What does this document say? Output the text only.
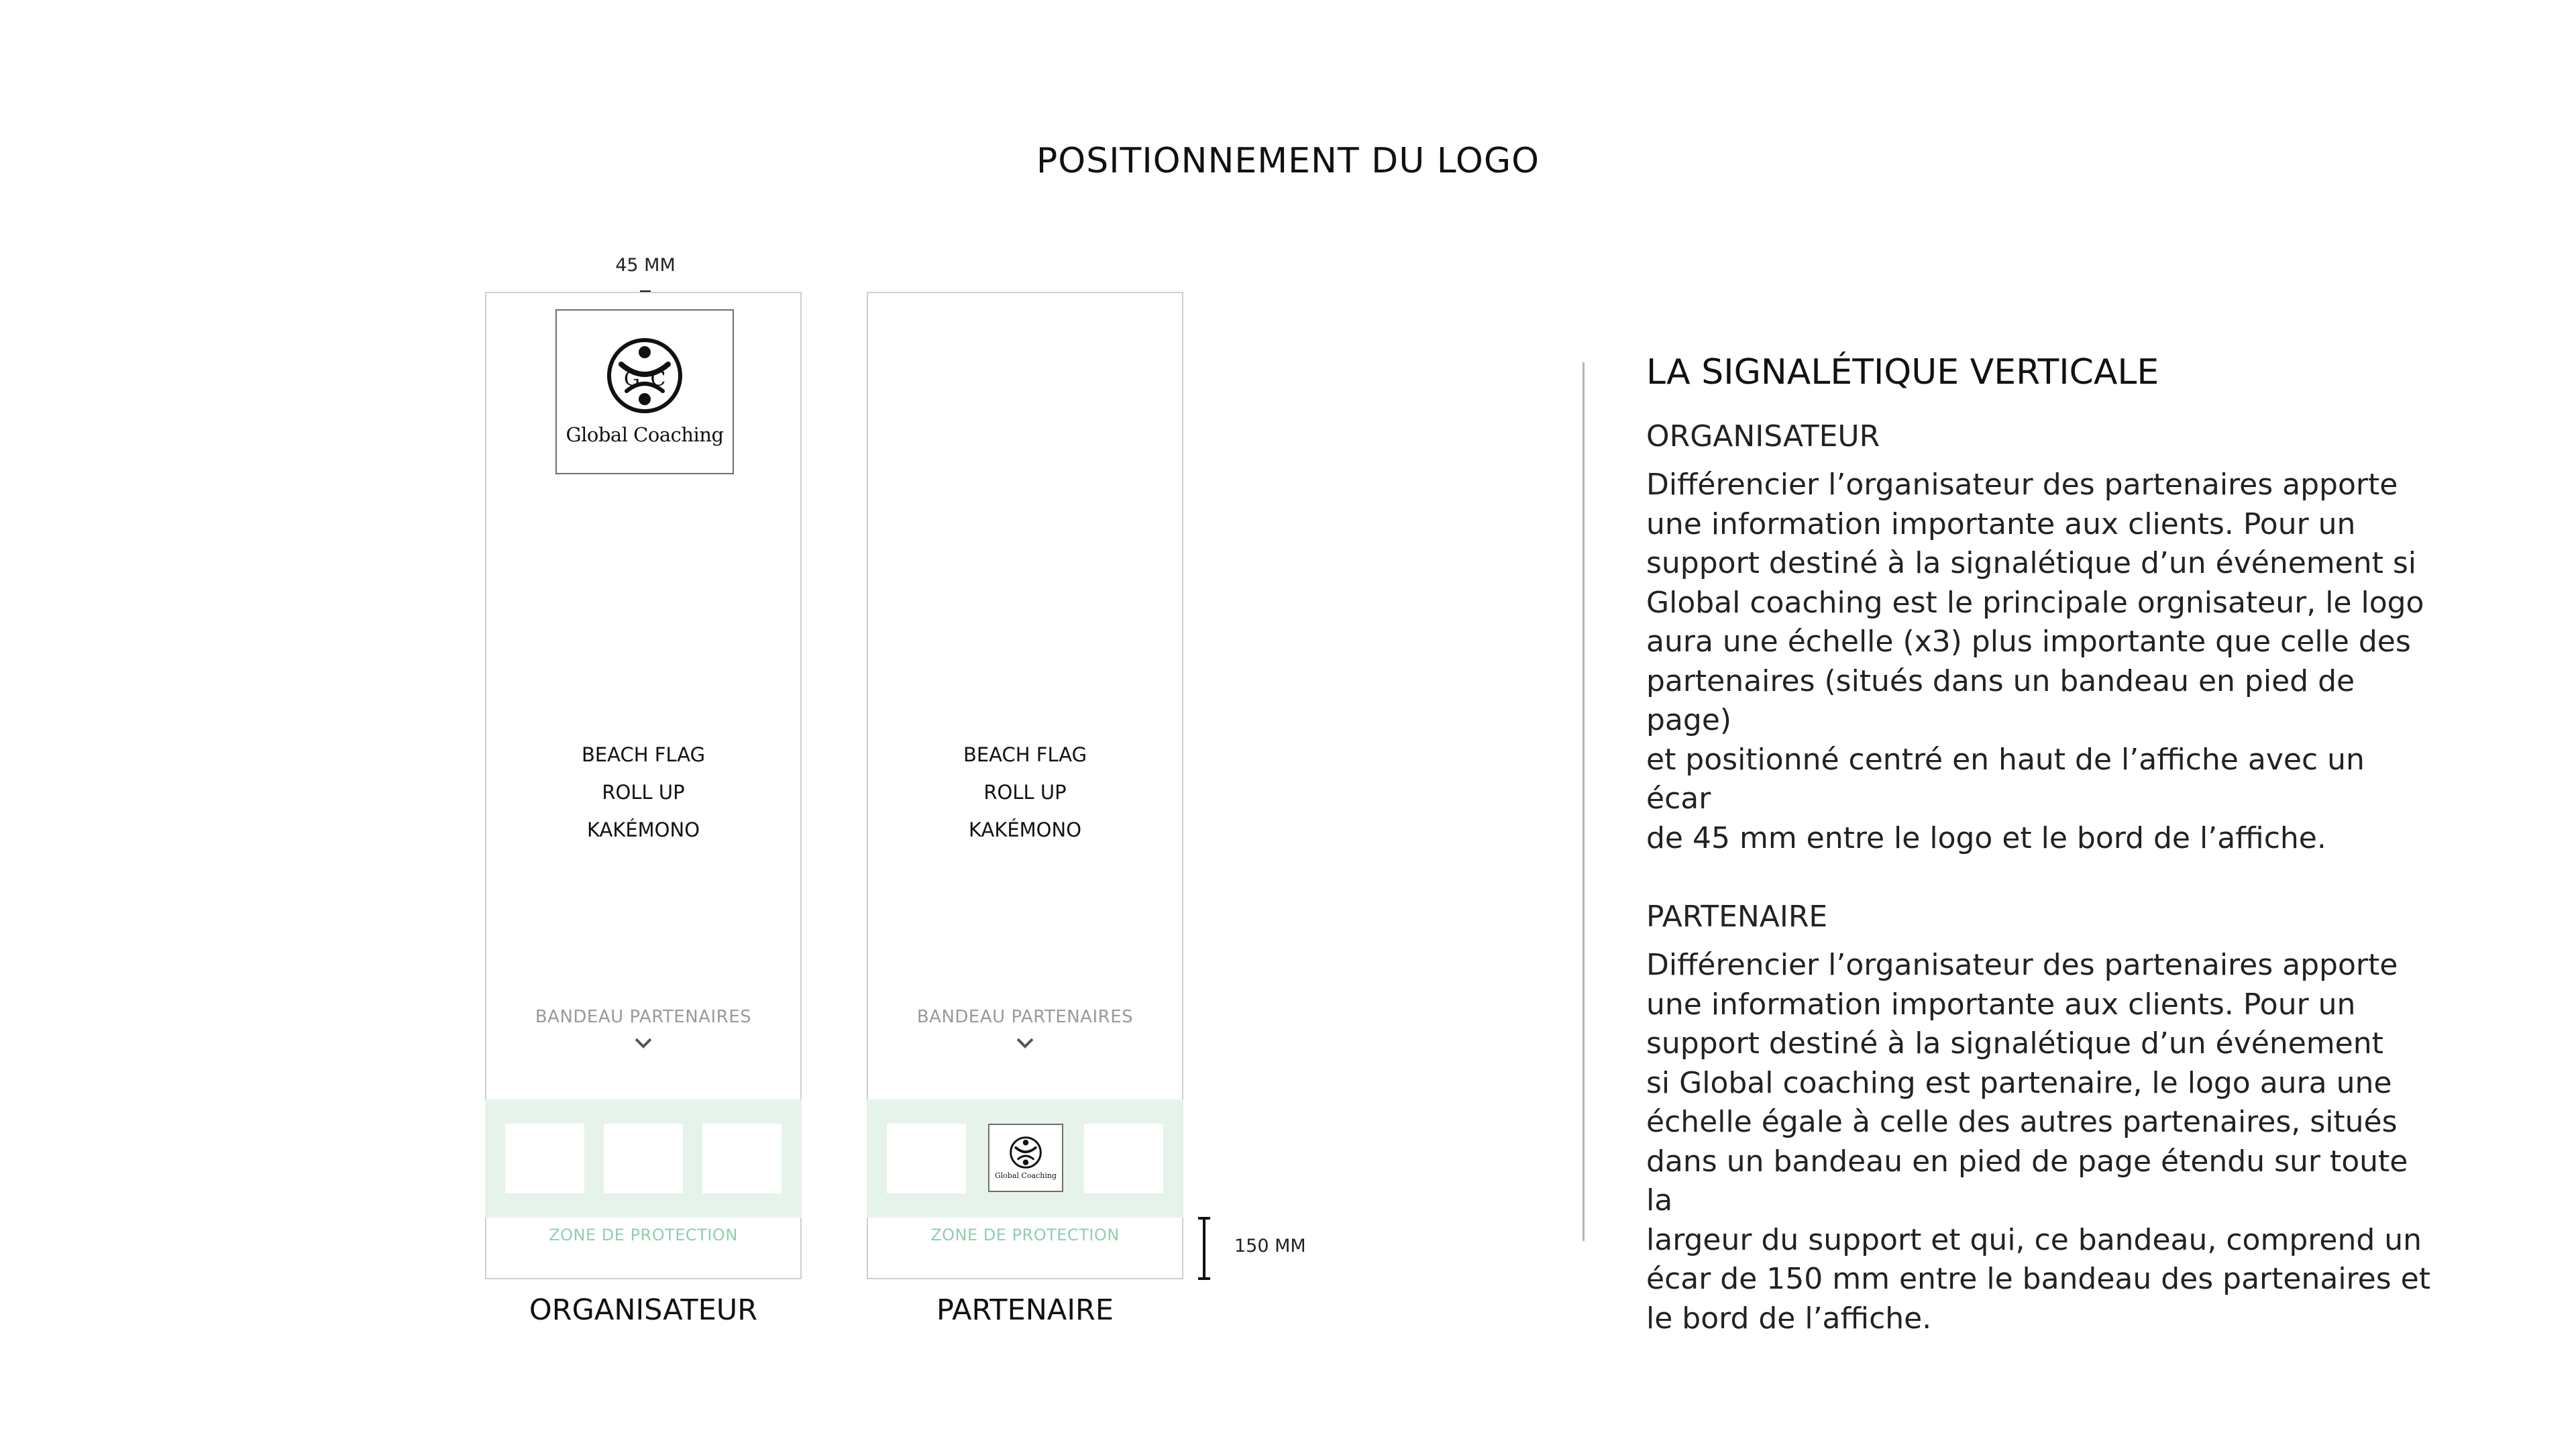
POSITIONNEMENT DU LOGO
45 MM
G C
Global Coaching
BEACH FLAG
ROLL UP
KAKÉMONO
BANDEAU PARTENAIRES
ZONE DE PROTECTION
ORGANISATEUR
BEACH FLAG
ROLL UP
KAKÉMONO
BANDEAU PARTENAIRES
Global Coaching
ZONE DE PROTECTION
PARTENAIRE
150 MM
LA SIGNALÉTIQUE VERTICALE
ORGANISATEUR

Différencier l’organisateur des partenaires apporte
une information importante aux clients. Pour un
support destiné à la signalétique d’un événement si
Global coaching est le principale orgnisateur, le logo
aura une échelle (x3) plus importante que celle des
partenaires (situés dans un bandeau en pied de page)
et positionné centré en haut de l’affiche avec un écar
de 45 mm entre le logo et le bord de l’affiche.

PARTENAIRE

Différencier l’organisateur des partenaires apporte
une information importante aux clients. Pour un
support destiné à la signalétique d’un événement
si Global coaching est partenaire, le logo aura une
échelle égale à celle des autres partenaires, situés
dans un bandeau en pied de page étendu sur toute la
largeur du support et qui, ce bandeau, comprend un
écar de 150 mm entre le bandeau des partenaires et
le bord de l’affiche.
